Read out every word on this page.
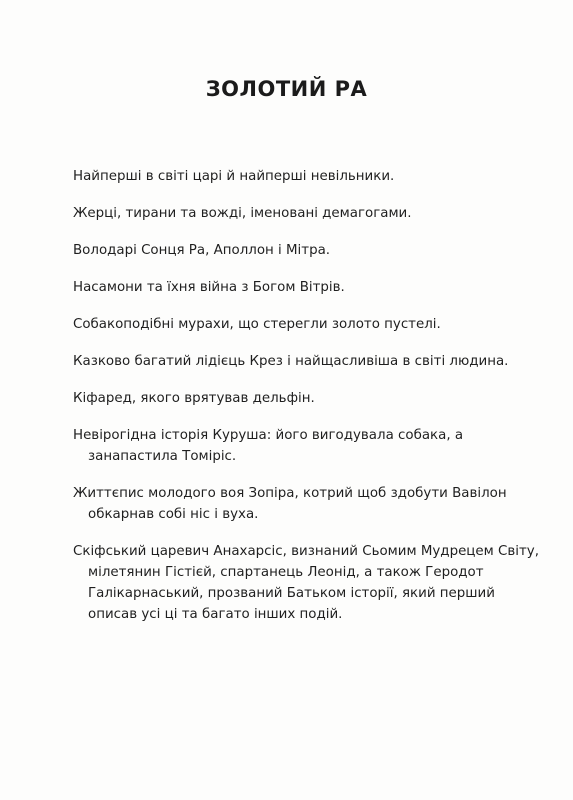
ЗОЛОТИЙ РА

Найперші в світі царі й найперші невільники.

Жерці, тирани та вожді, іменовані демагогами.

Володарі Сонця Ра, Аполлон і Мітра.

Насамони та їхня війна з Богом Вітрів.

Собакоподібні мурахи, що стерегли золото пустелі.

Казково багатий лідієць Крез і найщасливіша в світі людина.

Кіфаред, якого врятував дельфін.

Невірогідна історія Куруша: його вигодувала собака, а занапастила Томіріс.

Життєпис молодого воя Зопіра, котрий щоб здобути Вавілон обкарнав собі ніс і вуха.

Скіфський царевич Анахарсіс, визнаний Сьомим Мудрецем Світу, мілетянин Гістієй, спартанець Леонід, а також Геродот Галікарнаський, прозваний Батьком історії, який перший описав усі ці та багато інших подій.
